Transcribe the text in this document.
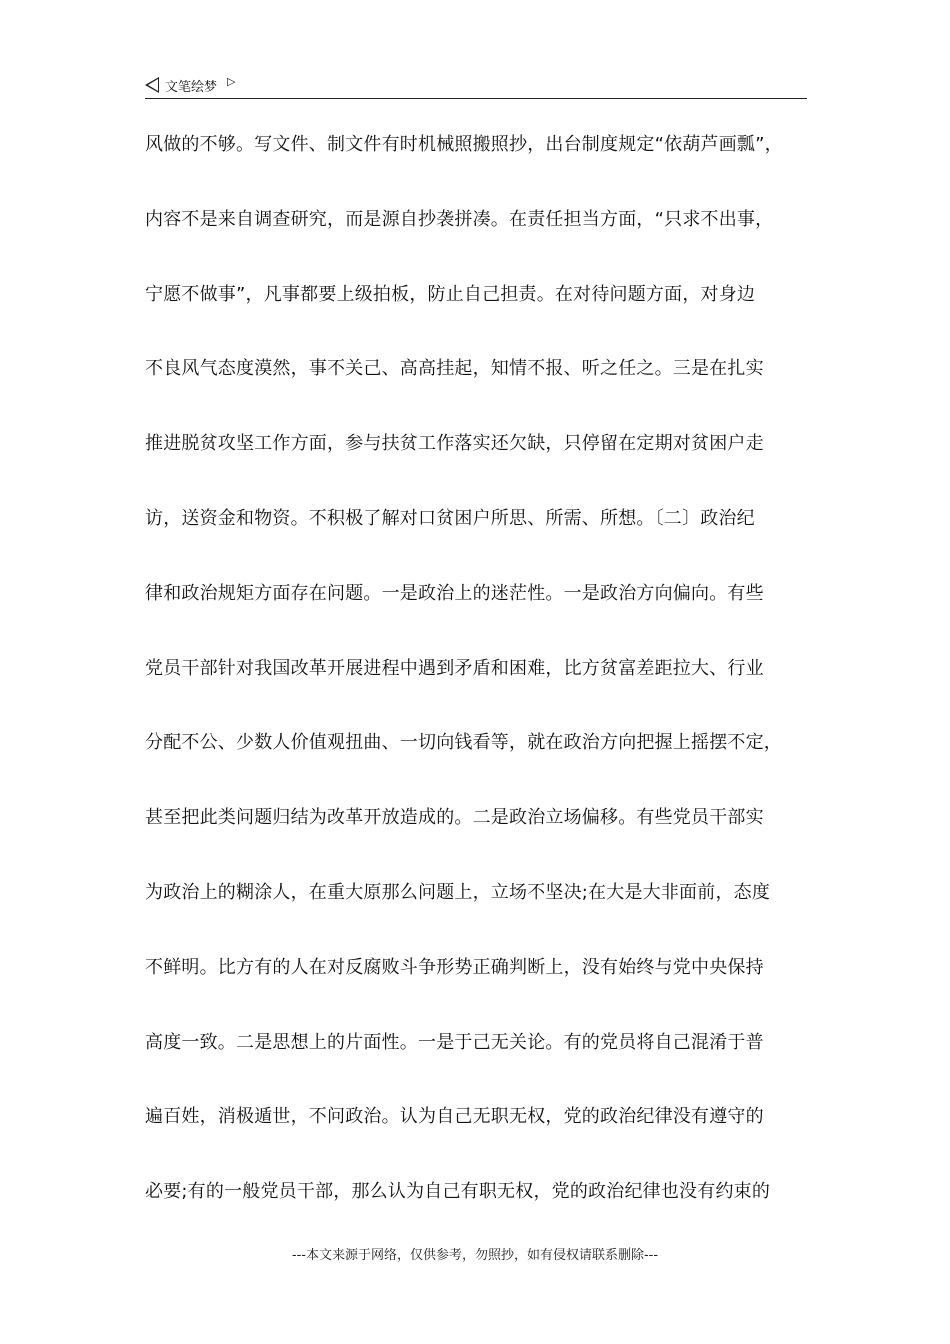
文笔绘梦 ▷
风做的不够。写文件、制文件有时机械照搬照抄，出台制度规定“依葫芦画瓢”，
内容不是来自调查研究，而是源自抄袭拼凑。在责任担当方面，“只求不出事，
宁愿不做事”，凡事都要上级拍板，防止自己担责。在对待问题方面，对身边
不良风气态度漠然，事不关己、高高挂起，知情不报、听之任之。三是在扎实
推进脱贫攻坚工作方面，参与扶贫工作落实还欠缺，只停留在定期对贫困户走
访，送资金和物资。不积极了解对口贫困户所思、所需、所想。〔二〕政治纪
律和政治规矩方面存在问题。一是政治上的迷茫性。一是政治方向偏向。有些
党员干部针对我国改革开展进程中遇到矛盾和困难，比方贫富差距拉大、行业
分配不公、少数人价值观扭曲、一切向钱看等，就在政治方向把握上摇摆不定，
甚至把此类问题归结为改革开放造成的。二是政治立场偏移。有些党员干部实
为政治上的糊涂人，在重大原那么问题上，立场不坚决;在大是大非面前，态度
不鲜明。比方有的人在对反腐败斗争形势正确判断上，没有始终与党中央保持
高度一致。二是思想上的片面性。一是于己无关论。有的党员将自己混淆于普
遍百姓，消极遁世，不问政治。认为自己无职无权，党的政治纪律没有遵守的
必要;有的一般党员干部，那么认为自己有职无权，党的政治纪律也没有约束的
---本文来源于网络，仅供参考，勿照抄，如有侵权请联系删除---
